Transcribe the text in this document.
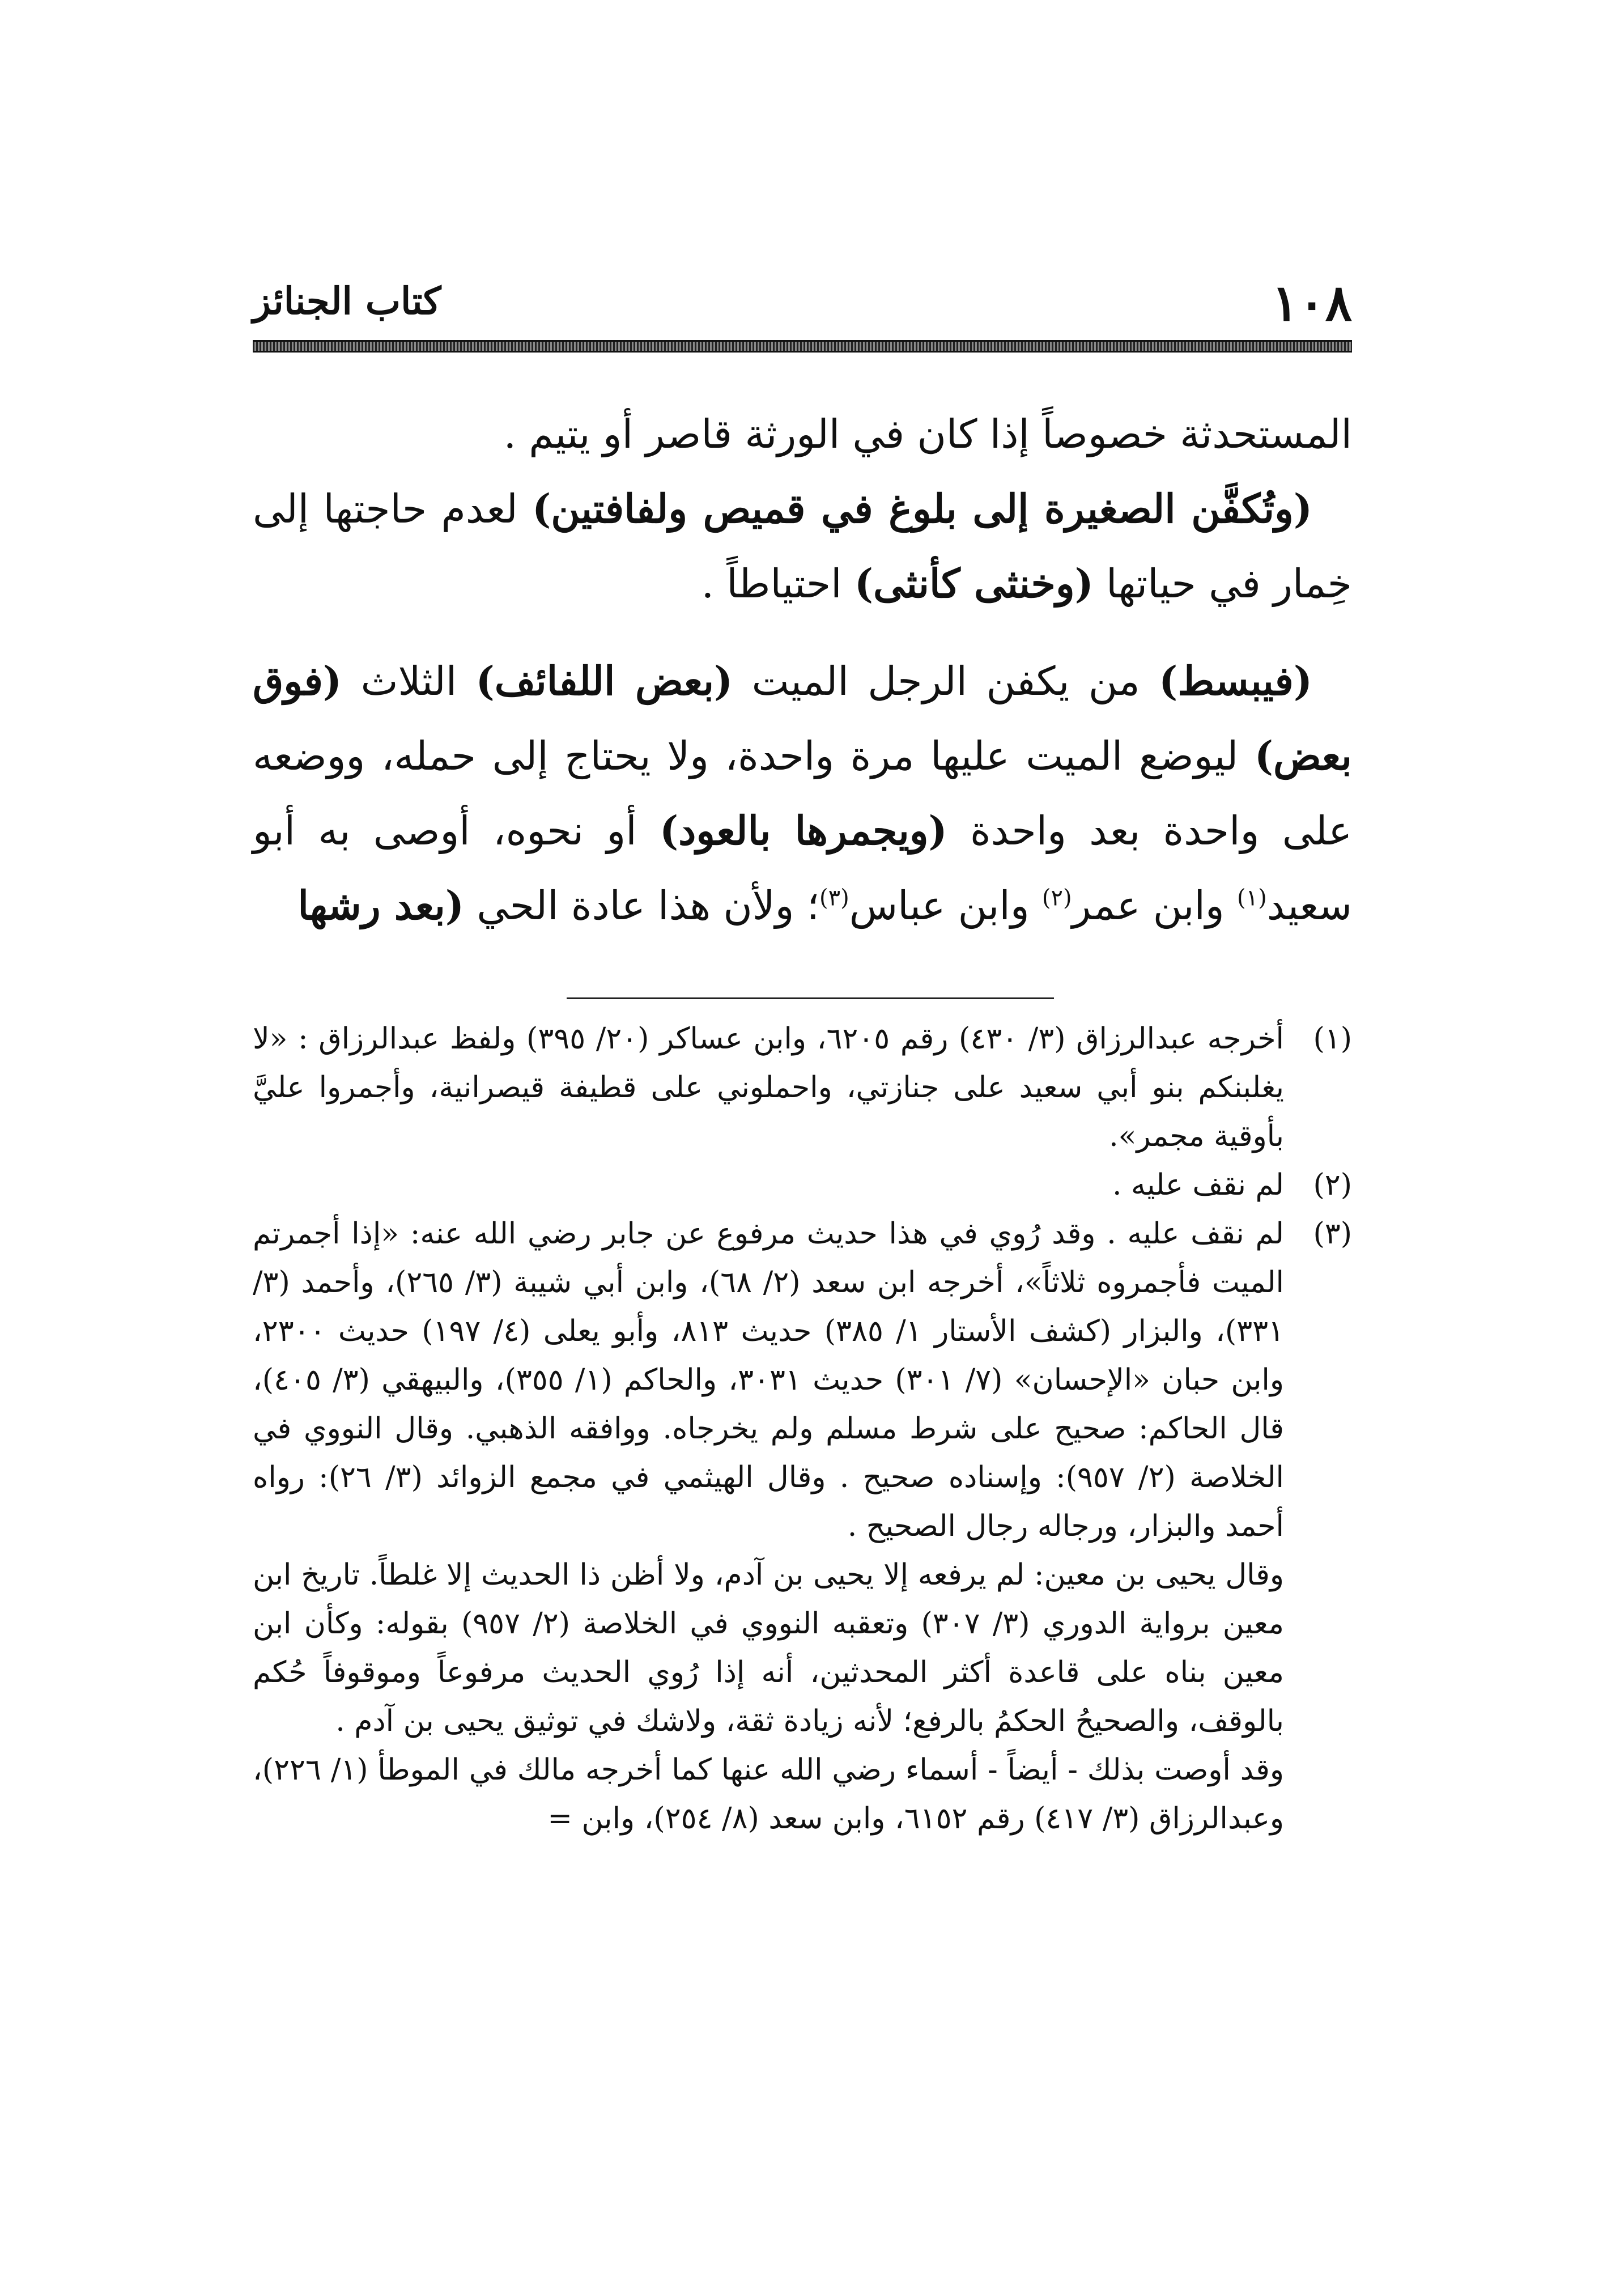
١٠٨
كتاب الجنائز

المستحدثة خصوصاً إذا كان في الورثة قاصر أو يتيم .

(وتُكفَّن الصغيرة إلى بلوغ في قميص ولفافتين) لعدم حاجتها إلى خِمار في حياتها (وخنثى كأنثى) احتياطاً .

(فيبسط) من يكفن الرجل الميت (بعض اللفائف) الثلاث (فوق بعض) ليوضع الميت عليها مرة واحدة، ولا يحتاج إلى حمله، ووضعه على واحدة بعد واحدة (ويجمرها بالعود) أو نحوه، أوصى به أبو سعيد$^{(١)}$ وابن عمر$^{(٢)}$ وابن عباس$^{(٣)}$؛ ولأن هذا عادة الحي (بعد رشها

(١)

أخرجه عبدالرزاق (٣/ ٤٣٠) رقم ٦٢٠٥، وابن عساكر (٢٠/ ٣٩٥) ولفظ عبدالرزاق : «لا يغلبنكم بنو أبي سعيد على جنازتي، واحملوني على قطيفة قيصرانية، وأجمروا عليَّ بأوقية مجمر».

(٢)

لم نقف عليه .

(٣)

لم نقف عليه . وقد رُوي في هذا حديث مرفوع عن جابر رضي الله عنه: «إذا أجمرتم الميت فأجمروه ثلاثاً»، أخرجه ابن سعد (٢/ ٦٨)، وابن أبي شيبة (٣/ ٢٦٥)، وأحمد (٣/ ٣٣١)، والبزار (كشف الأستار ١/ ٣٨٥) حديث ٨١٣، وأبو يعلى (٤/ ١٩٧) حديث ٢٣٠٠، وابن حبان «الإحسان» (٧/ ٣٠١) حديث ٣٠٣١، والحاكم (١/ ٣٥٥)، والبيهقي (٣/ ٤٠٥)، قال الحاكم: صحيح على شرط مسلم ولم يخرجاه. ووافقه الذهبي. وقال النووي في الخلاصة (٢/ ٩٥٧): وإسناده صحيح . وقال الهيثمي في مجمع الزوائد (٣/ ٢٦): رواه أحمد والبزار، ورجاله رجال الصحيح .

وقال يحيى بن معين: لم يرفعه إلا يحيى بن آدم، ولا أظن ذا الحديث إلا غلطاً. تاريخ ابن معين برواية الدوري (٣/ ٣٠٧) وتعقبه النووي في الخلاصة (٢/ ٩٥٧) بقوله: وكأن ابن معين بناه على قاعدة أكثر المحدثين، أنه إذا رُوي الحديث مرفوعاً وموقوفاً حُكم بالوقف، والصحيحُ الحكمُ بالرفع؛ لأنه زيادة ثقة، ولاشك في توثيق يحيى بن آدم .

وقد أوصت بذلك - أيضاً - أسماء رضي الله عنها كما أخرجه مالك في الموطأ (١/ ٢٢٦)، وعبدالرزاق (٣/ ٤١٧) رقم ٦١٥٢، وابن سعد (٨/ ٢٥٤)، وابن =
